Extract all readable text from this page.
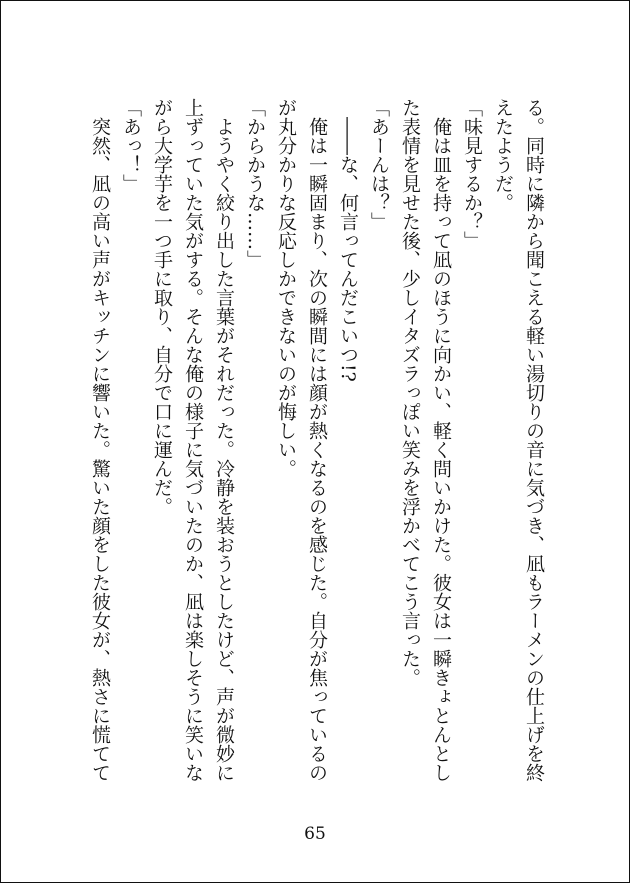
る。同時に隣から聞こえる軽い湯切りの音に気づき、凪もラーメンの仕上げを終えたようだ。

「味見するか？」

俺は皿を持って凪のほうに向かい、軽く問いかけた。彼女は一瞬きょとんとした表情を見せた後、少しイタズラっぽい笑みを浮かべてこう言った。

「あーんは？」

――な、何言ってんだこいつ!?

俺は一瞬固まり、次の瞬間には顔が熱くなるのを感じた。自分が焦っているのが丸分かりな反応しかできないのが悔しい。

「からかうな……」

ようやく絞り出した言葉がそれだった。冷静を装おうとしたけど、声が微妙に上ずっていた気がする。そんな俺の様子に気づいたのか、凪は楽しそうに笑いながら大学芋を一つ手に取り、自分で口に運んだ。

「あっ！」

突然、凪の高い声がキッチンに響いた。驚いた顔をした彼女が、熱さに慌てて

65
